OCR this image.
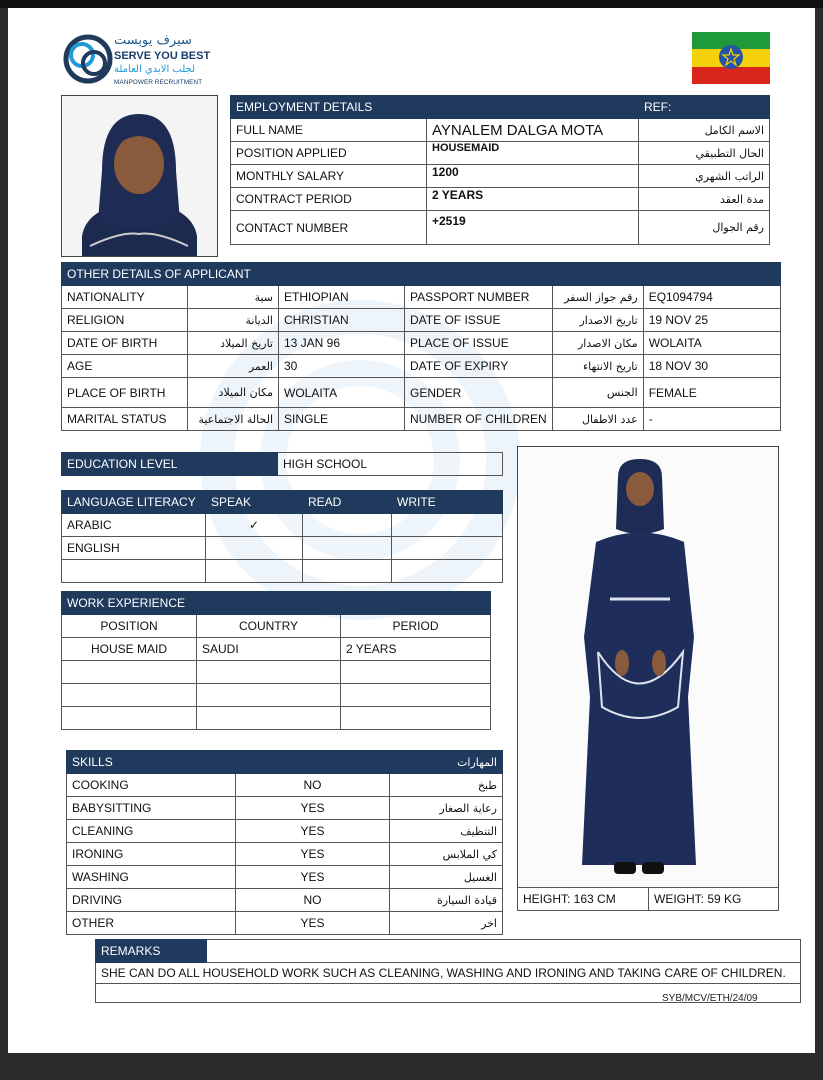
سيرف يوبست
SERVE YOU BEST
لجلب الايدي العاملة
MANPOWER RECRUITMENT
EMPLOYMENT DETAILS		REF:
FULL NAME	AYNALEM DALGA MOTA	الاسم الكامل
POSITION APPLIED	HOUSEMAID	الحال التطبيقي
MONTHLY SALARY	1200	الراتب الشهري
CONTRACT PERIOD	2 YEARS	مدة العقد
CONTACT NUMBER	+2519	رقم الجوال
OTHER DETAILS OF APPLICANT					
NATIONALITY	سية	ETHIOPIAN	PASSPORT NUMBER	رقم جواز السفر	EQ1094794
RELIGION	الديانة	CHRISTIAN	DATE OF ISSUE	تاريخ الاصدار	19 NOV 25
DATE OF BIRTH	تاريخ الميلاد	13 JAN 96	PLACE OF ISSUE	مكان الاصدار	WOLAITA
AGE	العمر	30	DATE OF EXPIRY	تاريخ الانتهاء	18 NOV 30
PLACE OF BIRTH	مكان الميلاد	WOLAITA	GENDER	الجنس	FEMALE
MARITAL STATUS	الحالة الاجتماعية	SINGLE	NUMBER OF CHILDREN	عدد الاطفال	-
EDUCATION LEVEL	HIGH SCHOOL
LANGUAGE LITERACY	SPEAK	READ	WRITE
ARABIC	✓		
ENGLISH			

WORK EXPERIENCE		
POSITION	COUNTRY	PERIOD
HOUSE MAID	SAUDI	2 YEARS

SKILLS		المهارات
COOKING	NO	طبخ
BABYSITTING	YES	رعاية الصغار
CLEANING	YES	التنظيف
IRONING	YES	كي الملابس
WASHING	YES	الغسيل
DRIVING	NO	قيادة السيارة
OTHER	YES	اخر
HEIGHT: 163 CM	WEIGHT: 59 KG
REMARKS	
SHE CAN DO ALL HOUSEHOLD WORK SUCH AS CLEANING, WASHING AND IRONING AND TAKING CARE OF CHILDREN.

SYB/MCV/ETH/24/09
